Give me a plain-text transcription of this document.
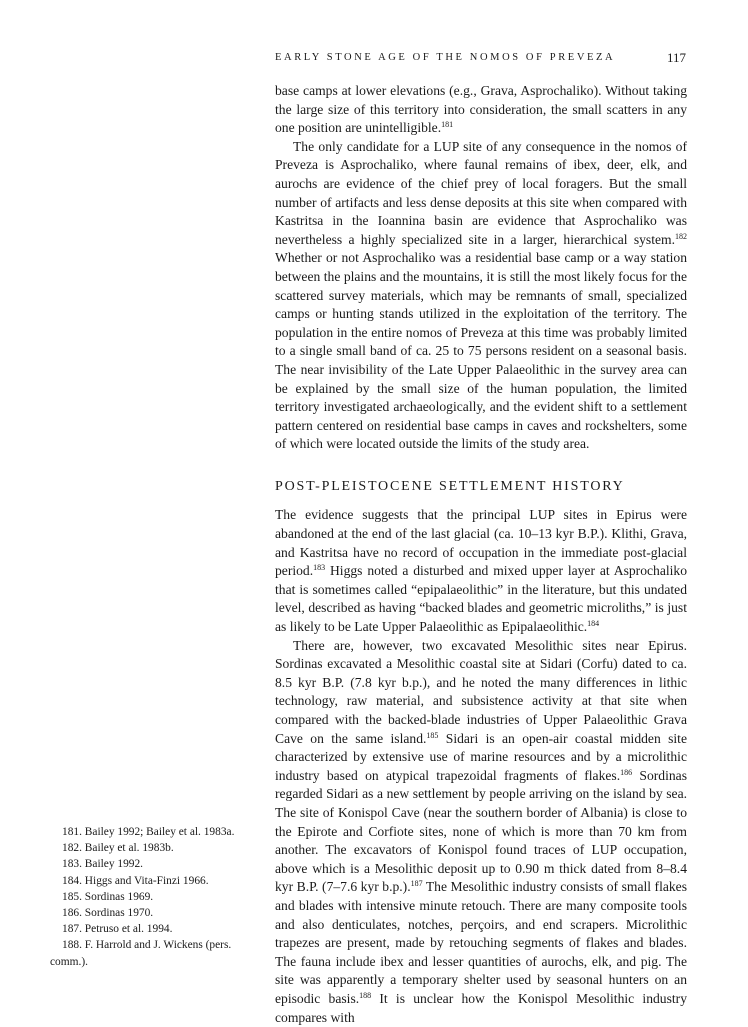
EARLY STONE AGE OF THE NOMOS OF PREVEZA	117

base camps at lower elevations (e.g., Grava, Asprochaliko). Without taking the large size of this territory into consideration, the small scatters in any one position are unintelligible.$^{181}$

The only candidate for a LUP site of any consequence in the nomos of Preveza is Asprochaliko, where faunal remains of ibex, deer, elk, and aurochs are evidence of the chief prey of local foragers. But the small number of artifacts and less dense deposits at this site when compared with Kastritsa in the Ioannina basin are evidence that Asprochaliko was nevertheless a highly specialized site in a larger, hierarchical system.$^{182}$ Whether or not Asprochaliko was a residential base camp or a way station between the plains and the mountains, it is still the most likely focus for the scattered survey materials, which may be remnants of small, specialized camps or hunting stands utilized in the exploitation of the territory. The population in the entire nomos of Preveza at this time was probably limited to a single small band of ca. 25 to 75 persons resident on a seasonal basis. The near invisibility of the Late Upper Palaeolithic in the survey area can be explained by the small size of the human population, the limited territory investigated archaeologically, and the evident shift to a settlement pattern centered on residential base camps in caves and rockshelters, some of which were located outside the limits of the study area.

POST-PLEISTOCENE SETTLEMENT HISTORY

The evidence suggests that the principal LUP sites in Epirus were abandoned at the end of the last glacial (ca. 10–13 kyr B.P.). Klithi, Grava, and Kastritsa have no record of occupation in the immediate post-glacial period.$^{183}$ Higgs noted a disturbed and mixed upper layer at Asprochaliko that is sometimes called “epipalaeolithic” in the literature, but this undated level, described as having “backed blades and geometric microliths,” is just as likely to be Late Upper Palaeolithic as Epipalaeolithic.$^{184}$

There are, however, two excavated Mesolithic sites near Epirus. Sordinas excavated a Mesolithic coastal site at Sidari (Corfu) dated to ca. 8.5 kyr B.P. (7.8 kyr b.p.), and he noted the many differences in lithic technology, raw material, and subsistence activity at that site when compared with the backed-blade industries of Upper Palaeolithic Grava Cave on the same island.$^{185}$ Sidari is an open-air coastal midden site characterized by extensive use of marine resources and by a microlithic industry based on atypical trapezoidal fragments of flakes.$^{186}$ Sordinas regarded Sidari as a new settlement by people arriving on the island by sea. The site of Konispol Cave (near the southern border of Albania) is close to the Epirote and Corfiote sites, none of which is more than 70 km from another. The excavators of Konispol found traces of LUP occupation, above which is a Mesolithic deposit up to 0.90 m thick dated from 8–8.4 kyr B.P. (7–7.6 kyr b.p.).$^{187}$ The Mesolithic industry consists of small flakes and blades with intensive minute retouch. There are many composite tools and also denticulates, notches, perçoirs, and end scrapers. Microlithic trapezes are present, made by retouching segments of flakes and blades. The fauna include ibex and lesser quantities of aurochs, elk, and pig. The site was apparently a temporary shelter used by seasonal hunters on an episodic basis.$^{188}$ It is unclear how the Konispol Mesolithic industry compares with

181. Bailey 1992; Bailey et al. 1983a.
182. Bailey et al. 1983b.
183. Bailey 1992.
184. Higgs and Vita-Finzi 1966.
185. Sordinas 1969.
186. Sordinas 1970.
187. Petruso et al. 1994.
188. F. Harrold and J. Wickens (pers. comm.).
